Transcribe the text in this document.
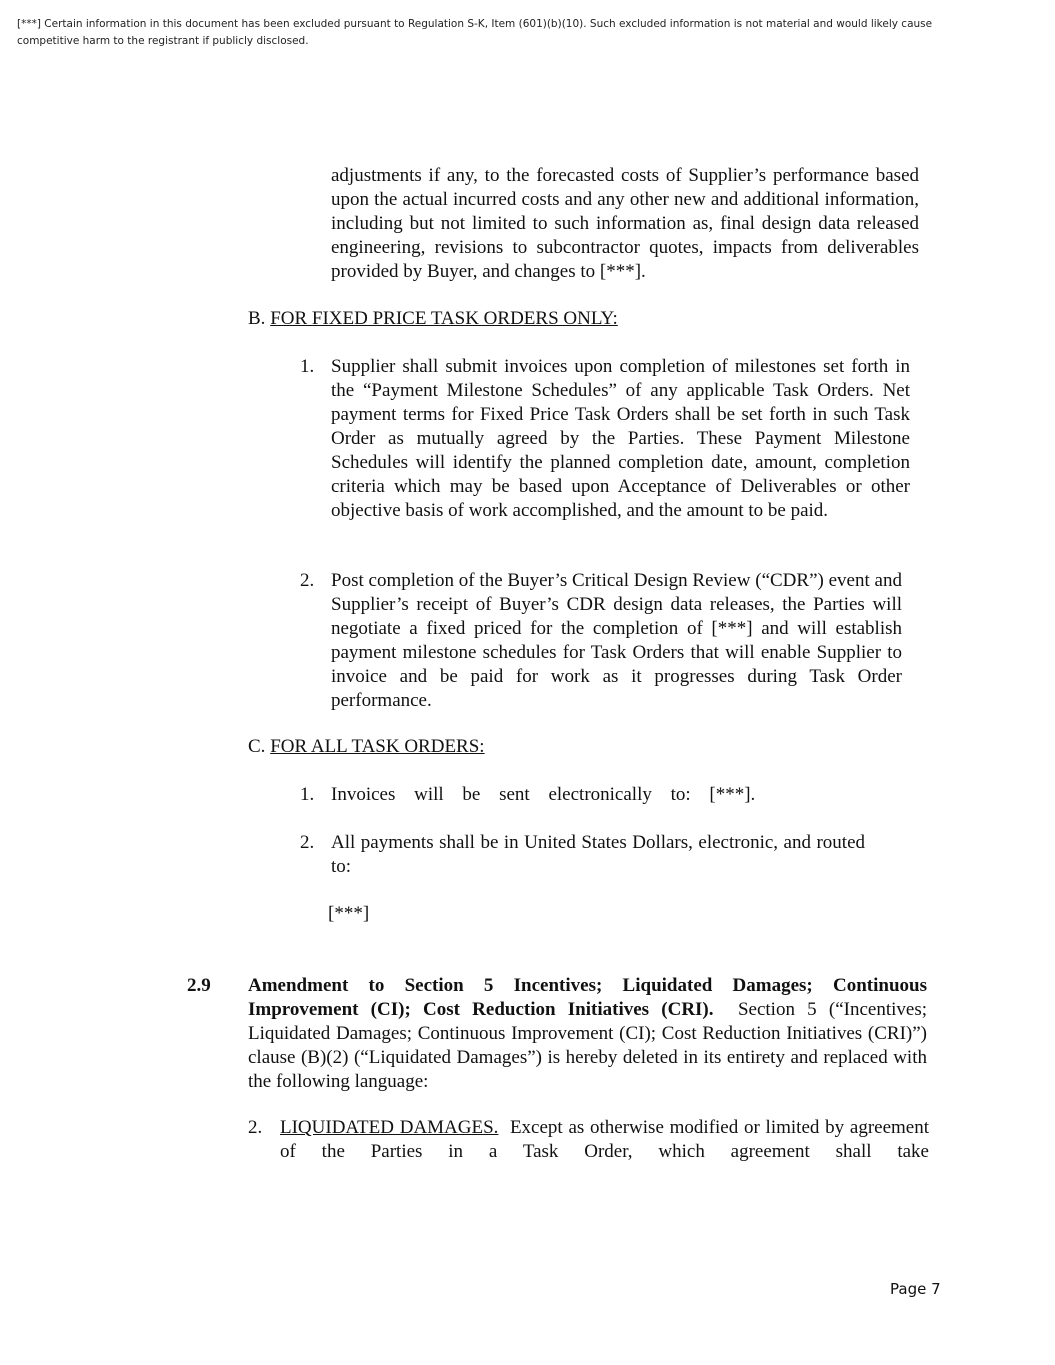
[***] Certain information in this document has been excluded pursuant to Regulation S-K, Item (601)(b)(10). Such excluded information is not material and would likely cause competitive harm to the registrant if publicly disclosed.
adjustments if any, to the forecasted costs of Supplier’s performance based upon the actual incurred costs and any other new and additional information, including but not limited to such information as, final design data released engineering, revisions to subcontractor quotes, impacts from deliverables provided by Buyer, and changes to [***].
B. FOR FIXED PRICE TASK ORDERS ONLY:
1. Supplier shall submit invoices upon completion of milestones set forth in the “Payment Milestone Schedules” of any applicable Task Orders. Net payment terms for Fixed Price Task Orders shall be set forth in such Task Order as mutually agreed by the Parties. These Payment Milestone Schedules will identify the planned completion date, amount, completion criteria which may be based upon Acceptance of Deliverables or other objective basis of work accomplished, and the amount to be paid.
2. Post completion of the Buyer’s Critical Design Review (“CDR”) event and Supplier’s receipt of Buyer’s CDR design data releases, the Parties will negotiate a fixed priced for the completion of [***] and will establish payment milestone schedules for Task Orders that will enable Supplier to invoice and be paid for work as it progresses during Task Order performance.
C. FOR ALL TASK ORDERS:
1. Invoices will be sent electronically to: [***].
2. All payments shall be in United States Dollars, electronic, and routed to:
[***]
2.9 Amendment to Section 5 Incentives; Liquidated Damages; Continuous Improvement (CI); Cost Reduction Initiatives (CRI). Section 5 (“Incentives; Liquidated Damages; Continuous Improvement (CI); Cost Reduction Initiatives (CRI)”) clause (B)(2) (“Liquidated Damages”) is hereby deleted in its entirety and replaced with the following language:
2. LIQUIDATED DAMAGES. Except as otherwise modified or limited by agreement of the Parties in a Task Order, which agreement shall take
Page 7
